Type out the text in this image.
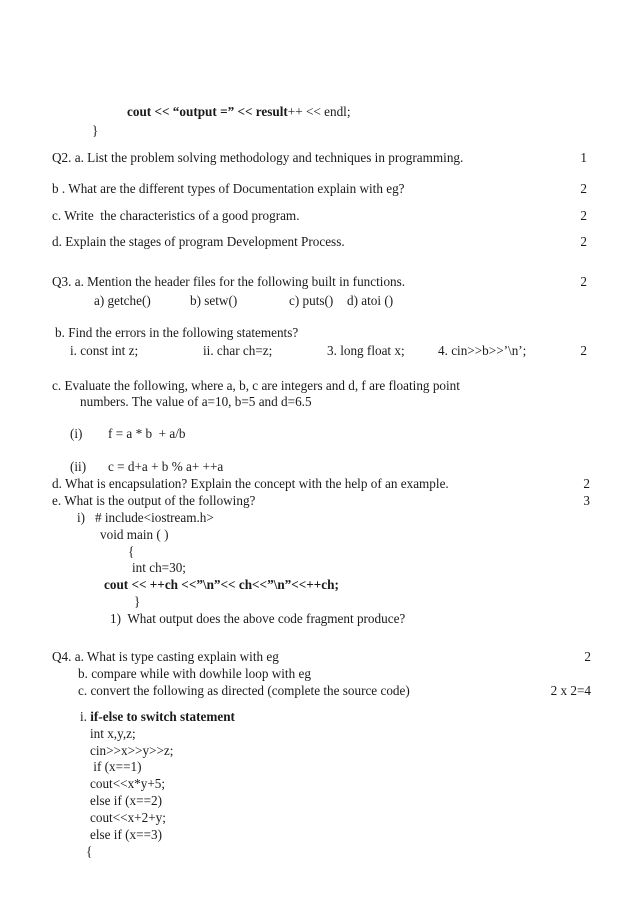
cout << “output =” << result++ << endl;
}
Q2. a. List the problem solving methodology and techniques in programming.	1
b . What are the different types of Documentation explain with eg?	2
c. Write  the characteristics of a good program.	2
d. Explain the stages of program Development Process.	2
Q3. a. Mention the header files for the following built in functions.	2
a) getche()	b) setw()	c) puts() d) atoi ()
b. Find the errors in the following statements?
i. const int z;	ii. char ch=z;	3. long float x;	4. cin>>b>>’\n’;	2
c. Evaluate the following, where a, b, c are integers and d, f are floating point
numbers. The value of a=10, b=5 and d=6.5
(i) f = a * b  + a/b
(ii) c = d+a + b % a+ ++a
d. What is encapsulation? Explain the concept with the help of an example.	2
e. What is the output of the following?	3
i)   # include<iostream.h>
void main ( )
{
int ch=30;
cout << ++ch <<”\n”<< ch<<”\n”<<++ch;
}
1)  What output does the above code fragment produce?
Q4. a. What is type casting explain with eg	2
b. compare while with dowhile loop with eg
c. convert the following as directed (complete the source code)	2 x 2=4
i. if-else to switch statement
int x,y,z;
cin>>x>>y>>z;
if (x==1)
cout<<x*y+5;
else if (x==2)
cout<<x+2+y;
else if (x==3)
{
